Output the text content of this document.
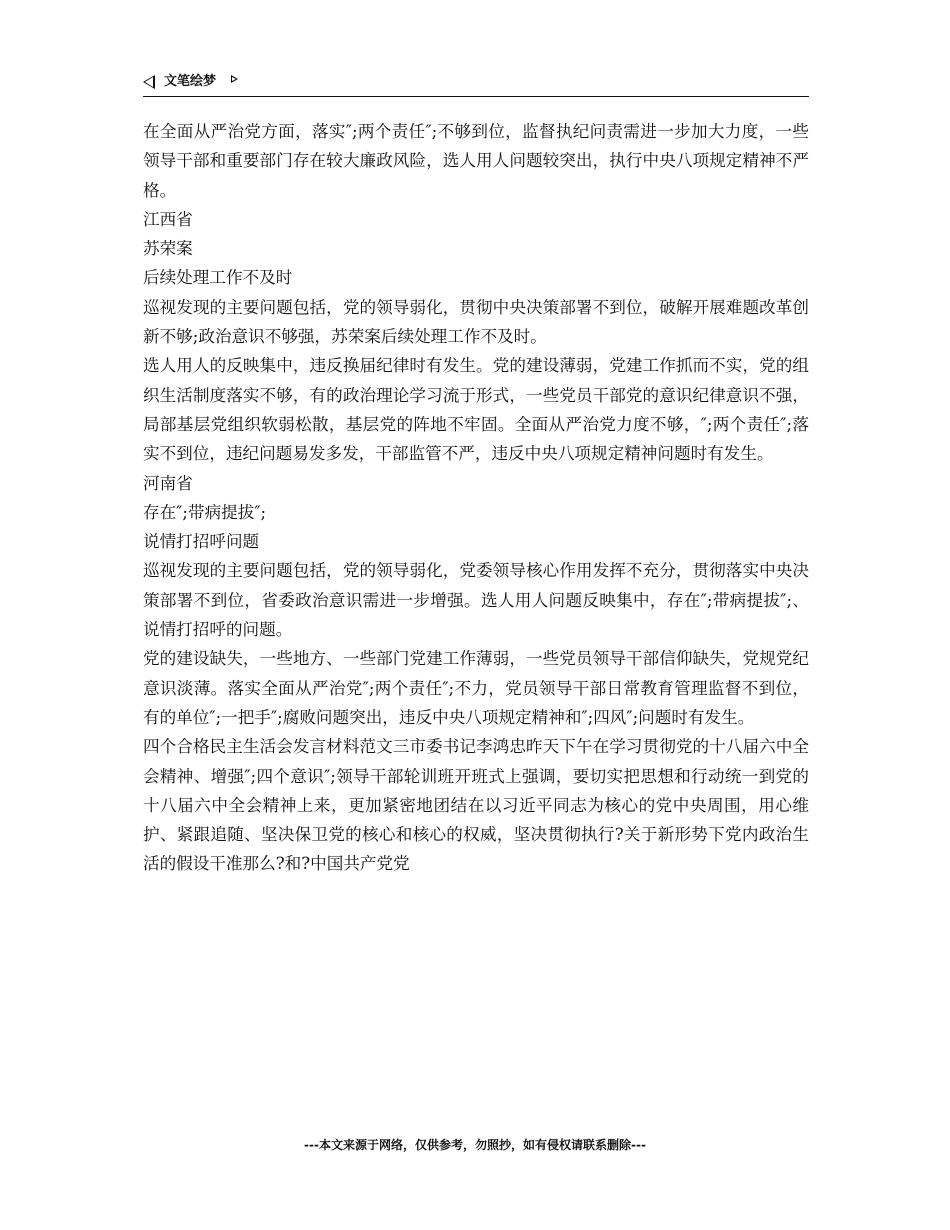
文笔绘梦

在全面从严治党方面，落实″;两个责任″;不够到位，监督执纪问责需进一步加大力度，一些领导干部和重要部门存在较大廉政风险，选人用人问题较突出，执行中央八项规定精神不严格。

江西省

苏荣案

后续处理工作不及时

巡视发现的主要问题包括，党的领导弱化，贯彻中央决策部署不到位，破解开展难题改革创新不够;政治意识不够强，苏荣案后续处理工作不及时。

选人用人的反映集中，违反换届纪律时有发生。党的建设薄弱，党建工作抓而不实，党的组织生活制度落实不够，有的政治理论学习流于形式，一些党员干部党的意识纪律意识不强，局部基层党组织软弱松散，基层党的阵地不牢固。全面从严治党力度不够，″;两个责任″;落实不到位，违纪问题易发多发，干部监管不严，违反中央八项规定精神问题时有发生。

河南省

存在″;带病提拔″;

说情打招呼问题

巡视发现的主要问题包括，党的领导弱化，党委领导核心作用发挥不充分，贯彻落实中央决策部署不到位，省委政治意识需进一步增强。选人用人问题反映集中，存在″;带病提拔″;、说情打招呼的问题。

党的建设缺失，一些地方、一些部门党建工作薄弱，一些党员领导干部信仰缺失，党规党纪意识淡薄。落实全面从严治党″;两个责任″;不力，党员领导干部日常教育管理监督不到位，有的单位″;一把手″;腐败问题突出，违反中央八项规定精神和″;四风″;问题时有发生。

四个合格民主生活会发言材料范文三市委书记李鸿忠昨天下午在学习贯彻党的十八届六中全会精神、增强″;四个意识″;领导干部轮训班开班式上强调，要切实把思想和行动统一到党的十八届六中全会精神上来，更加紧密地团结在以习近平同志为核心的党中央周围，用心维护、紧跟追随、坚决保卫党的核心和核心的权威，坚决贯彻执行?关于新形势下党内政治生活的假设干准那么?和?中国共产党党

---本文来源于网络，仅供参考，勿照抄，如有侵权请联系删除---
